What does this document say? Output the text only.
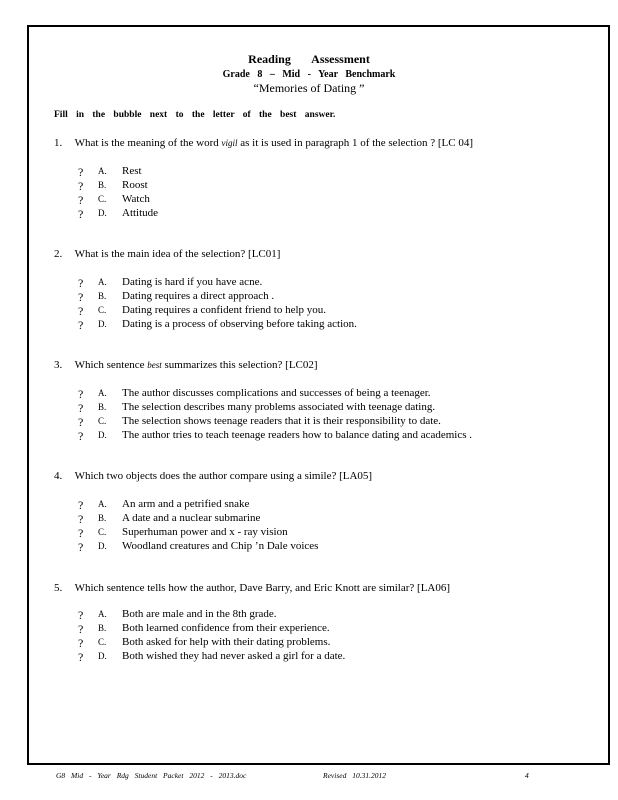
Reading Assessment
Grade 8 – Mid - Year Benchmark
“Memories of Dating ”
Fill in the bubble next to the letter of the best answer.
1. What is the meaning of the word vigil as it is used in paragraph 1 of the selection ? [LC 04]
? A. Rest
? B. Roost
? C. Watch
? D. Attitude
2. What is the main idea of the selection? [LC01]
? A. Dating is hard if you have acne.
? B. Dating requires a direct approach .
? C. Dating requires a confident friend to help you.
? D. Dating is a process of observing before taking action.
3. Which sentence best summarizes this selection? [LC02]
? A. The author discusses complications and successes of being a teenager.
? B. The selection describes many problems associated with teenage dating.
? C. The selection shows teenage readers that it is their responsibility to date.
? D. The author tries to teach teenage readers how to balance dating and academics .
4. Which two objects does the author compare using a simile? [LA05]
? A. An arm and a petrified snake
? B. A date and a nuclear submarine
? C. Superhuman power and x - ray vision
? D. Woodland creatures and Chip ’n Dale voices
5. Which sentence tells how the author, Dave Barry, and Eric Knott are similar? [LA06]
? A. Both are male and in the 8th grade.
? B. Both learned confidence from their experience.
? C. Both asked for help with their dating problems.
? D. Both wished they had never asked a girl for a date.
G8 Mid - Year Rdg Student Packet 2012 - 2013.doc	Revised 10.31.2012	4
